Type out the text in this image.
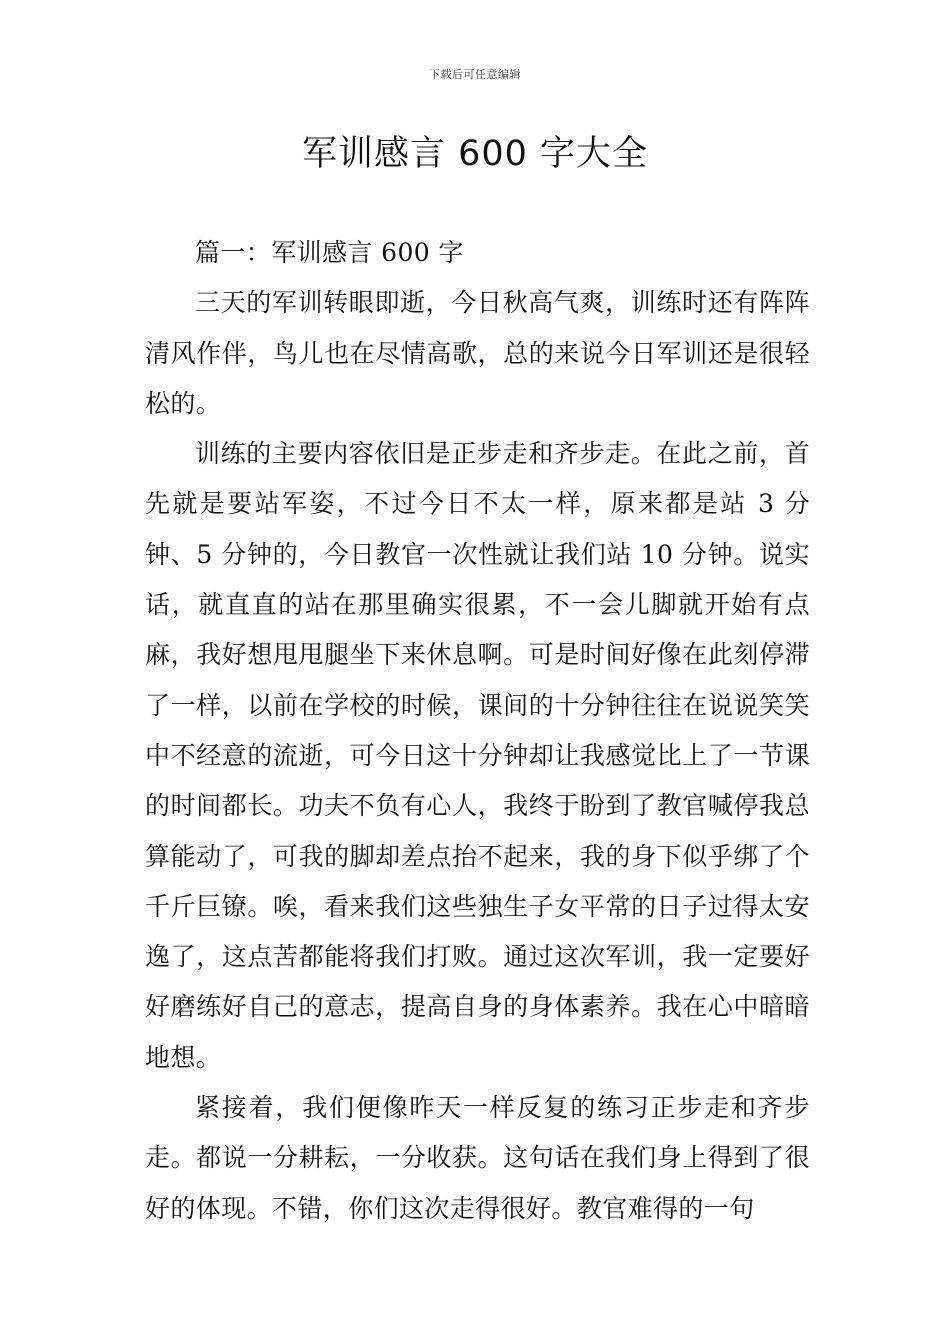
下载后可任意编辑
军训感言 600 字大全

篇一：军训感言 600 字

三天的军训转眼即逝，今日秋高气爽，训练时还有阵阵清风作伴，鸟儿也在尽情高歌，总的来说今日军训还是很轻松的。

训练的主要内容依旧是正步走和齐步走。在此之前，首先就是要站军姿，不过今日不太一样，原来都是站 3 分钟、5 分钟的，今日教官一次性就让我们站 10 分钟。说实话，就直直的站在那里确实很累，不一会儿脚就开始有点麻，我好想甩甩腿坐下来休息啊。可是时间好像在此刻停滞了一样，以前在学校的时候，课间的十分钟往往在说说笑笑中不经意的流逝，可今日这十分钟却让我感觉比上了一节课的时间都长。功夫不负有心人，我终于盼到了教官喊停我总算能动了，可我的脚却差点抬不起来，我的身下似乎绑了个千斤巨镣。唉，看来我们这些独生子女平常的日子过得太安逸了，这点苦都能将我们打败。通过这次军训，我一定要好好磨练好自己的意志，提高自身的身体素养。我在心中暗暗地想。

紧接着，我们便像昨天一样反复的练习正步走和齐步走。都说一分耕耘，一分收获。这句话在我们身上得到了很好的体现。不错，你们这次走得很好。教官难得的一句
